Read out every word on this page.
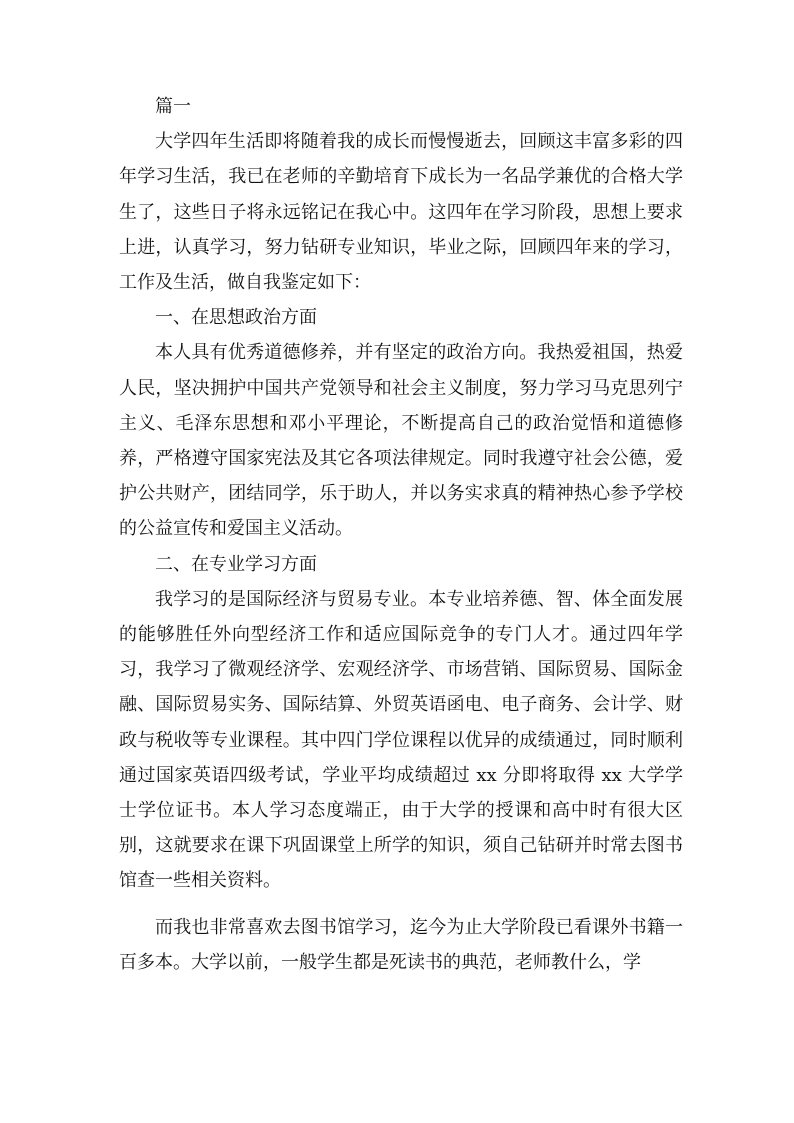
篇一

大学四年生活即将随着我的成长而慢慢逝去，回顾这丰富多彩的四年学习生活，我已在老师的辛勤培育下成长为一名品学兼优的合格大学生了，这些日子将永远铭记在我心中。这四年在学习阶段，思想上要求上进，认真学习，努力钻研专业知识，毕业之际，回顾四年来的学习，工作及生活，做自我鉴定如下：

一、在思想政治方面

本人具有优秀道德修养，并有坚定的政治方向。我热爱祖国，热爱人民，坚决拥护中国共产党领导和社会主义制度，努力学习马克思列宁主义、毛泽东思想和邓小平理论，不断提高自己的政治觉悟和道德修养，严格遵守国家宪法及其它各项法律规定。同时我遵守社会公德，爱护公共财产，团结同学，乐于助人，并以务实求真的精神热心参予学校的公益宣传和爱国主义活动。

二、在专业学习方面

我学习的是国际经济与贸易专业。本专业培养德、智、体全面发展的能够胜任外向型经济工作和适应国际竞争的专门人才。通过四年学习，我学习了微观经济学、宏观经济学、市场营销、国际贸易、国际金融、国际贸易实务、国际结算、外贸英语函电、电子商务、会计学、财政与税收等专业课程。其中四门学位课程以优异的成绩通过，同时顺利通过国家英语四级考试，学业平均成绩超过 xx 分即将取得 xx 大学学士学位证书。本人学习态度端正，由于大学的授课和高中时有很大区别，这就要求在课下巩固课堂上所学的知识，须自己钻研并时常去图书馆查一些相关资料。

而我也非常喜欢去图书馆学习，迄今为止大学阶段已看课外书籍一百多本。大学以前，一般学生都是死读书的典范，老师教什么，学
